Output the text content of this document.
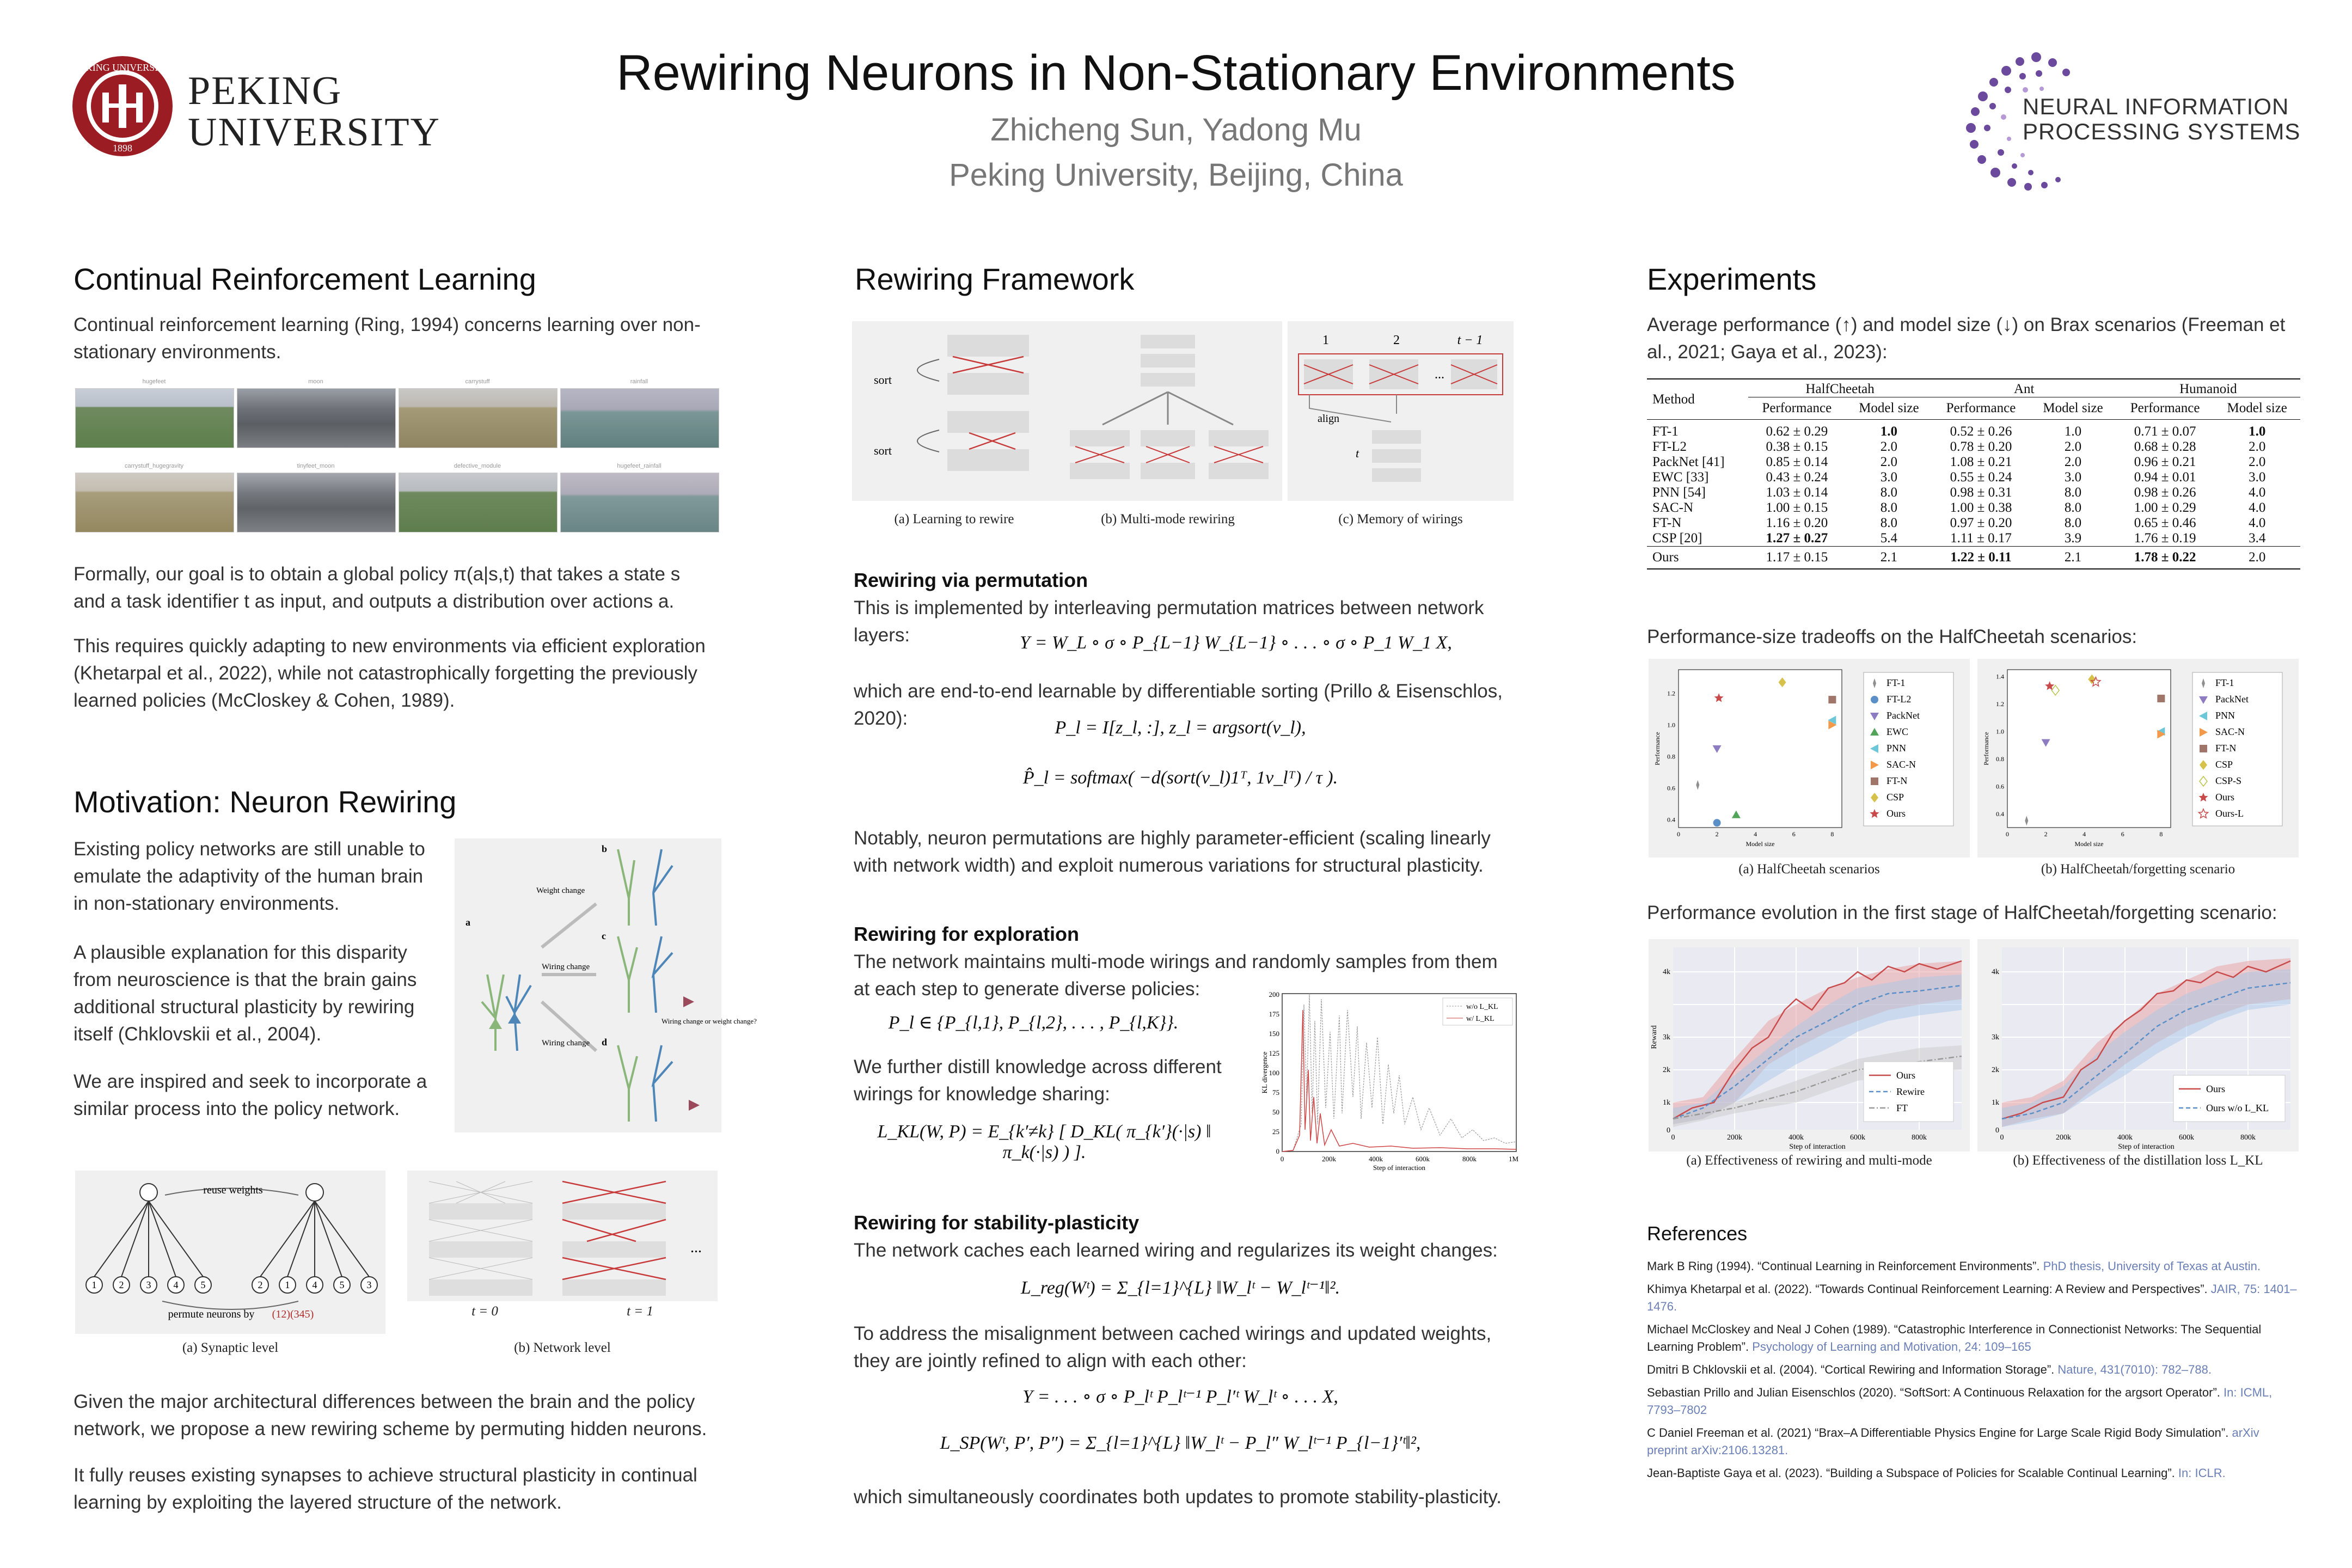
PEKING UNIVERSITY
1898
PEKING
UNIVERSITY
Rewiring Neurons in Non-Stationary Environments
Zhicheng Sun, Yadong Mu
Peking University, Beijing, China
NEURAL INFORMATION
PROCESSING SYSTEMS
Continual Reinforcement Learning
Continual reinforcement learning (Ring, 1994) concerns learning over non-stationary environments.
hugefeet	moon	carrystuff	rainfall
carrystuff_hugegravity	tinyfeet_moon	defective_module	hugefeet_rainfall
Formally, our goal is to obtain a global policy π(a|s,t) that takes a state s and a task identifier t as input, and outputs a distribution over actions a.
This requires quickly adapting to new environments via efficient exploration (Khetarpal et al., 2022), while not catastrophically forgetting the previously learned policies (McCloskey & Cohen, 1989).
Motivation: Neuron Rewiring
Existing policy networks are still unable to emulate the adaptivity of the human brain in non-stationary environments.
A plausible explanation for this disparity from neuroscience is that the brain gains additional structural plasticity by rewiring itself (Chklovskii et al., 2004).
We are inspired and seek to incorporate a similar process into the policy network.
a
Weight change
Wiring change
Wiring change
b
c
d
Wiring change or weight change?
reuse weights
1 2 3 4 5	2 1 4 5 3
permute neurons by (12)(345)
(a) Synaptic level
...
t = 0	t = 1
(b) Network level
Given the major architectural differences between the brain and the policy network, we propose a new rewiring scheme by permuting hidden neurons.
It fully reuses existing synapses to achieve structural plasticity in continual learning by exploiting the layered structure of the network.
Rewiring Framework
sort
sort
1	2	t − 1
...
align
t
(a) Learning to rewire	(b) Multi-mode rewiring	(c) Memory of wirings
Rewiring via permutation
This is implemented by interleaving permutation matrices between network layers:	Y = W_L ∘ σ ∘ P_{L−1} W_{L−1} ∘ . . . ∘ σ ∘ P_1 W_1 X,
which are end-to-end learnable by differentiable sorting (Prillo & Eisenschlos, 2020):	P_l = I[z_l, :], z_l = argsort(v_l),
P̂_l = softmax( −d(sort(v_l)1ᵀ, 1v_lᵀ) / τ ).
Notably, neuron permutations are highly parameter-efficient (scaling linearly with network width) and exploit numerous variations for structural plasticity.
Rewiring for exploration
The network maintains multi-mode wirings and randomly samples from them at each step to generate diverse policies:
P_l ∈ {P_{l,1}, P_{l,2}, . . . , P_{l,K}}.
We further distill knowledge across different wirings for knowledge sharing:
L_KL(W, P) = E_{k′≠k} [ D_KL( π_{k′}(·|s) ‖ π_k(·|s) ) ].	0
25
50
75
100
125
150
175
200
0	200k	400k	600k	800k	1M
Step of interaction
KL divergence
w/o L_KL
w/ L_KL
Rewiring for stability-plasticity
The network caches each learned wiring and regularizes its weight changes:
L_reg(Wᵗ) = Σ_{l=1}^{L} ‖W_lᵗ − W_lᵗ⁻¹‖².
To address the misalignment between cached wirings and updated weights, they are jointly refined to align with each other:
Y = . . . ∘ σ ∘ P_lᵗ P_lᵗ⁻¹ P_l′ᵗ W_lᵗ ∘ . . . X,
L_SP(Wᵗ, P′, P″) = Σ_{l=1}^{L} ‖W_lᵗ − P_l″ W_lᵗ⁻¹ P_{l−1}′ᵗ‖²,
which simultaneously coordinates both updates to promote stability-plasticity.
Experiments
Average performance (↑) and model size (↓) on Brax scenarios (Freeman et al., 2021; Gaya et al., 2023):
Method	HalfCheetah		Ant		Humanoid	
	Performance	Model size	Performance	Model size	Performance	Model size
FT-1	0.62 ± 0.29	1.0	0.52 ± 0.26	1.0	0.71 ± 0.07	1.0
FT-L2	0.38 ± 0.15	2.0	0.78 ± 0.20	2.0	0.68 ± 0.28	2.0
PackNet [41]	0.85 ± 0.14	2.0	1.08 ± 0.21	2.0	0.96 ± 0.21	2.0
EWC [33]	0.43 ± 0.24	3.0	0.55 ± 0.24	3.0	0.94 ± 0.01	3.0
PNN [54]	1.03 ± 0.14	8.0	0.98 ± 0.31	8.0	0.98 ± 0.26	4.0
SAC-N	1.00 ± 0.15	8.0	1.00 ± 0.38	8.0	1.00 ± 0.29	4.0
FT-N	1.16 ± 0.20	8.0	0.97 ± 0.20	8.0	0.65 ± 0.46	4.0
CSP [20]	1.27 ± 0.27	5.4	1.11 ± 0.17	3.9	1.76 ± 0.19	3.4
Ours	1.17 ± 0.15	2.1	1.22 ± 0.11	2.1	1.78 ± 0.22	2.0
Performance-size tradeoffs on the HalfCheetah scenarios:
0	2	4	6	8
0.4
0.6
0.8
1.0
1.2
Model size
Performance
FT-1
FT-L2
PackNet
EWC
PNN
SAC-N
FT-N
CSP
Ours
(a) HalfCheetah scenarios
0	2	4	6	8
0.4
0.6
0.8
1.0
1.2
1.4
Model size
Performance
FT-1
PackNet
PNN
SAC-N
FT-N
CSP
CSP-S
Ours
Ours-L
(b) HalfCheetah/forgetting scenario
Performance evolution in the first stage of HalfCheetah/forgetting scenario:
0
1k
2k
3k
4k
0	200k	400k	600k	800k
Step of interaction
Reward
Ours
Rewire
FT
(a) Effectiveness of rewiring and multi-mode
0
1k
2k
3k
4k
0	200k	400k	600k	800k
Step of interaction
Ours
Ours w/o L_KL
(b) Effectiveness of the distillation loss L_KL
References
Mark B Ring (1994). “Continual Learning in Reinforcement Environments”. PhD thesis, University of Texas at Austin.
Khimya Khetarpal et al. (2022). “Towards Continual Reinforcement Learning: A Review and Perspectives”. JAIR, 75: 1401–1476.
Michael McCloskey and Neal J Cohen (1989). “Catastrophic Interference in Connectionist Networks: The Sequential Learning Problem”. Psychology of Learning and Motivation, 24: 109–165
Dmitri B Chklovskii et al. (2004). “Cortical Rewiring and Information Storage”. Nature, 431(7010): 782–788.
Sebastian Prillo and Julian Eisenschlos (2020). “SoftSort: A Continuous Relaxation for the argsort Operator”. In: ICML, 7793–7802
C Daniel Freeman et al. (2021) “Brax–A Differentiable Physics Engine for Large Scale Rigid Body Simulation”. arXiv preprint arXiv:2106.13281.
Jean-Baptiste Gaya et al. (2023). “Building a Subspace of Policies for Scalable Continual Learning”. In: ICLR.
